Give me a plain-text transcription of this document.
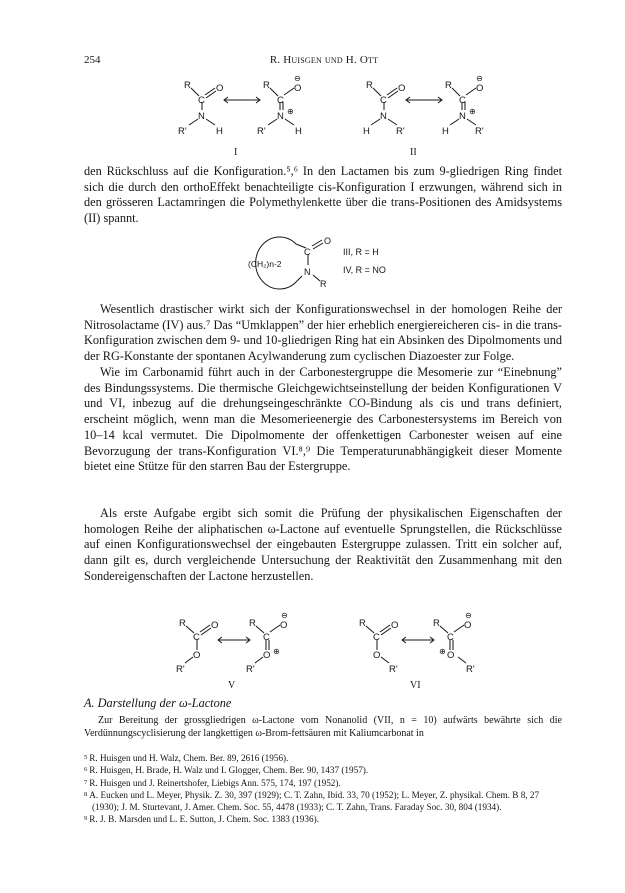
254	R. Huisgen und H. Ott
R
C
O
N
R'	H
R
C
O
⊖
N ⊕
R'	H
R
C
O
N
H	R'
R
C
O
⊖
N ⊕
H	R'
I	II

den Rückschluss auf die Konfiguration.⁵,⁶ In den Lactamen bis zum 9-gliedrigen Ring findet sich die durch den orthoEffekt benachteiligte cis-Konfiguration I erzwungen, während sich in den grösseren Lactamringen die Polymethylenkette über die trans-Positionen des Amidsystems (II) spannt.

C
O
N
R
(CH₂)n-2
III, R = H
IV, R = NO

Wesentlich drastischer wirkt sich der Konfigurationswechsel in der homologen Reihe der Nitrosolactame (IV) aus.⁷ Das “Umklappen” der hier erheblich energiereicheren cis- in die trans-Konfiguration zwischen dem 9- und 10-gliedrigen Ring hat ein Absinken des Dipolmoments und der RG-Konstante der spontanen Acylwanderung zum cyclischen Diazoester zur Folge.

Wie im Carbonamid führt auch in der Carbonestergruppe die Mesomerie zur “Einebnung” des Bindungssystems. Die thermische Gleichgewichtseinstellung der beiden Konfigurationen V und VI, inbezug auf die drehungseingeschränkte CO-Bindung als cis und trans definiert, erscheint möglich, wenn man die Mesomerieenergie des Carbonestersystems im Bereich von 10–14 kcal vermutet. Die Dipolmomente der offenkettigen Carbonester weisen auf eine Bevorzugung der trans-Konfiguration VI.⁸,⁹ Die Temperaturunabhängigkeit dieser Momente bietet eine Stütze für den starren Bau der Estergruppe.

Als erste Aufgabe ergibt sich somit die Prüfung der physikalischen Eigenschaften der homologen Reihe der aliphatischen ω-Lactone auf eventuelle Sprungstellen, die Rückschlüsse auf einen Konfigurationswechsel der eingebauten Estergruppe zulassen. Tritt ein solcher auf, dann gilt es, durch vergleichende Untersuchung der Reaktivität den Zusammenhang mit den Sondereigenschaften der Lactone herzustellen.

R
C
O
O
R'
R
C
O
⊖
O ⊕
R'
R
C
O
O
R'
R
C
O
⊖
O
⊕
R'
V	VI

A. Darstellung der ω-Lactone

Zur Bereitung der grossgliedrigen ω-Lactone vom Nonanolid (VII, n = 10) aufwärts bewährte sich die Verdünnungscyclisierung der langkettigen ω-Brom-fettsäuren mit Kaliumcarbonat in

$^5$ R. Huisgen und H. Walz, Chem. Ber. 89, 2616 (1956).
$^6$ R. Huisgen, H. Brade, H. Walz und I. Glogger, Chem. Ber. 90, 1437 (1957).
$^7$ R. Huisgen und J. Reinertshofer, Liebigs Ann. 575, 174, 197 (1952).
$^8$ A. Eucken und L. Meyer, Physik. Z. 30, 397 (1929); C. T. Zahn, Ibid. 33, 70 (1952); L. Meyer, Z. physikal. Chem. B 8, 27 (1930); J. M. Sturtevant, J. Amer. Chem. Soc. 55, 4478 (1933); C. T. Zahn, Trans. Faraday Soc. 30, 804 (1934).
$^9$ R. J. B. Marsden und L. E. Sutton, J. Chem. Soc. 1383 (1936).
